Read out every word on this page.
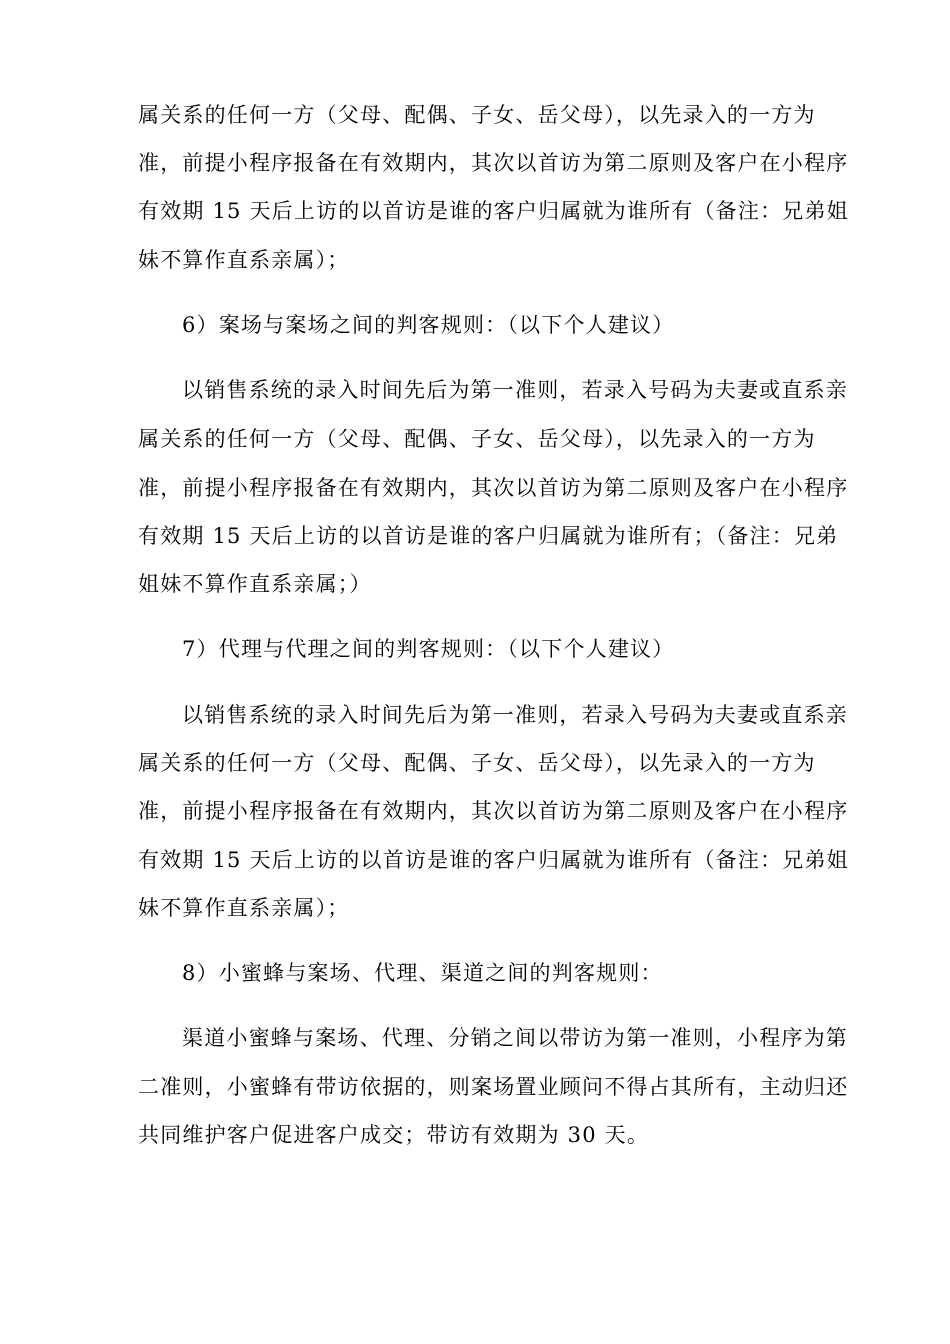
属关系的任何一方（父母、配偶、子女、岳父母），以先录入的一方为
准，前提小程序报备在有效期内，其次以首访为第二原则及客户在小程序
有效期 15 天后上访的以首访是谁的客户归属就为谁所有（备注：兄弟姐
妹不算作直系亲属）；
6）案场与案场之间的判客规则：（以下个人建议）
以销售系统的录入时间先后为第一准则，若录入号码为夫妻或直系亲
属关系的任何一方（父母、配偶、子女、岳父母），以先录入的一方为
准，前提小程序报备在有效期内，其次以首访为第二原则及客户在小程序
有效期 15 天后上访的以首访是谁的客户归属就为谁所有；（备注：兄弟
姐妹不算作直系亲属；）
7）代理与代理之间的判客规则：（以下个人建议）
以销售系统的录入时间先后为第一准则，若录入号码为夫妻或直系亲
属关系的任何一方（父母、配偶、子女、岳父母），以先录入的一方为
准，前提小程序报备在有效期内，其次以首访为第二原则及客户在小程序
有效期 15 天后上访的以首访是谁的客户归属就为谁所有（备注：兄弟姐
妹不算作直系亲属）；
8）小蜜蜂与案场、代理、渠道之间的判客规则：
渠道小蜜蜂与案场、代理、分销之间以带访为第一准则，小程序为第
二准则，小蜜蜂有带访依据的，则案场置业顾问不得占其所有，主动归还
共同维护客户促进客户成交；带访有效期为 30 天。
